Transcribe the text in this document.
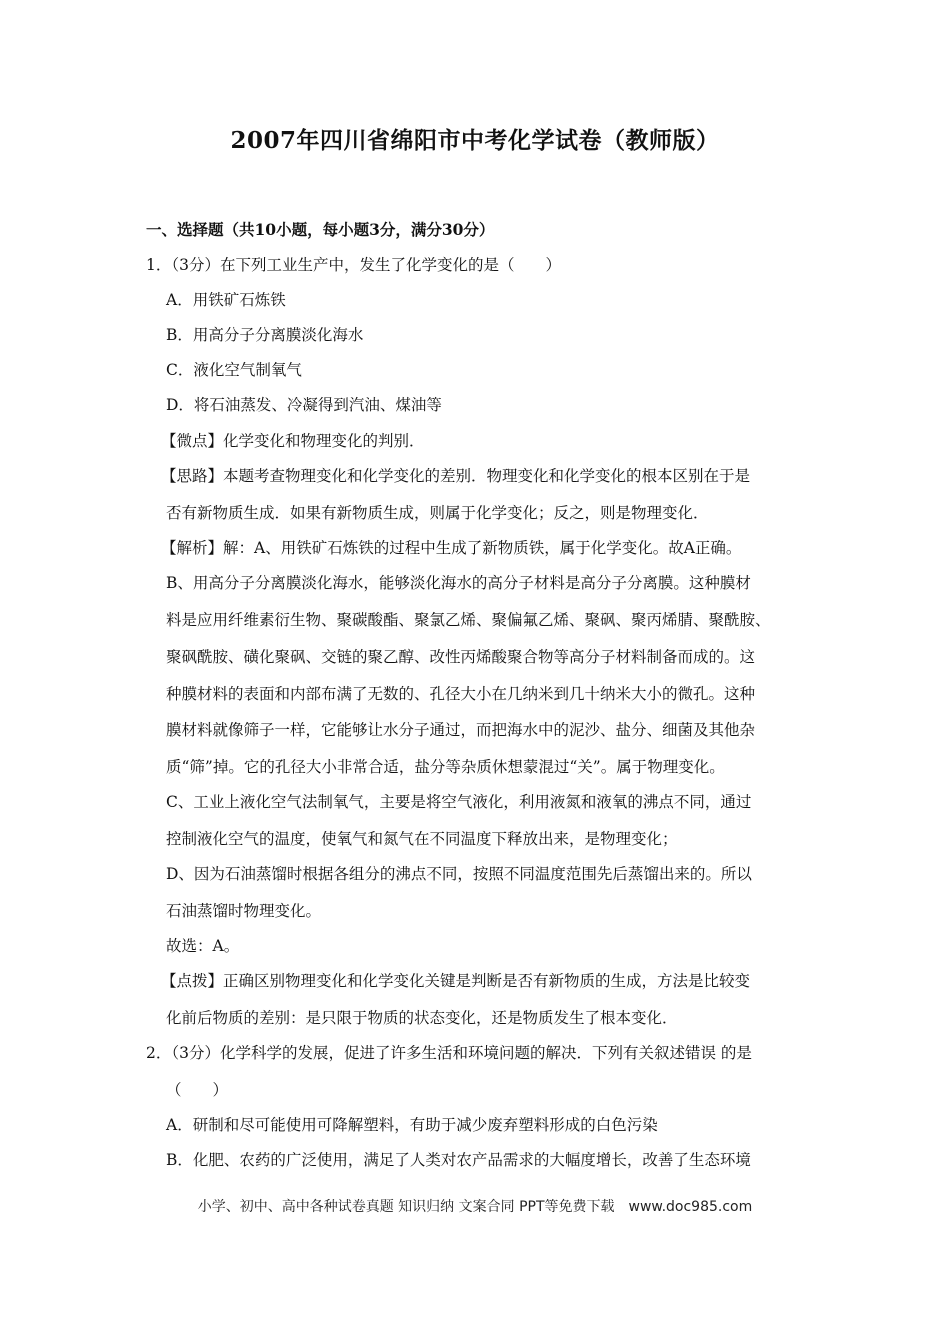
2007年四川省绵阳市中考化学试卷（教师版）
一、选择题（共10小题，每小题3分，满分30分）
1．（3分）在下列工业生产中，发生了化学变化的是（　　）
A．用铁矿石炼铁
B．用高分子分离膜淡化海水
C．液化空气制氧气
D．将石油蒸发、冷凝得到汽油、煤油等
【微点】化学变化和物理变化的判别．
【思路】本题考查物理变化和化学变化的差别．物理变化和化学变化的根本区别在于是
否有新物质生成．如果有新物质生成，则属于化学变化；反之，则是物理变化．
【解析】解：A、用铁矿石炼铁的过程中生成了新物质铁，属于化学变化。故A正确。
B、用高分子分离膜淡化海水，能够淡化海水的高分子材料是高分子分离膜。这种膜材
料是应用纤维素衍生物、聚碳酸酯、聚氯乙烯、聚偏氟乙烯、聚砜、聚丙烯腈、聚酰胺、
聚砜酰胺、磺化聚砜、交链的聚乙醇、改性丙烯酸聚合物等高分子材料制备而成的。这
种膜材料的表面和内部布满了无数的、孔径大小在几纳米到几十纳米大小的微孔。这种
膜材料就像筛子一样，它能够让水分子通过，而把海水中的泥沙、盐分、细菌及其他杂
质“筛”掉。它的孔径大小非常合适，盐分等杂质休想蒙混过“关”。属于物理变化。
C、工业上液化空气法制氧气，主要是将空气液化，利用液氮和液氧的沸点不同，通过
控制液化空气的温度，使氧气和氮气在不同温度下释放出来，是物理变化；
D、因为石油蒸馏时根据各组分的沸点不同，按照不同温度范围先后蒸馏出来的。所以
石油蒸馏时物理变化。
故选：A。
【点拨】正确区别物理变化和化学变化关键是判断是否有新物质的生成，方法是比较变
化前后物质的差别：是只限于物质的状态变化，还是物质发生了根本变化．
2．（3分）化学科学的发展，促进了许多生活和环境问题的解决．下列有关叙述错误 的是
（　　）
A．研制和尽可能使用可降解塑料，有助于减少废弃塑料形成的白色污染
B．化肥、农药的广泛使用，满足了人类对农产品需求的大幅度增长，改善了生态环境
小学、初中、高中各种试卷真题 知识归纳 文案合同 PPT等免费下载　www.doc985.com
